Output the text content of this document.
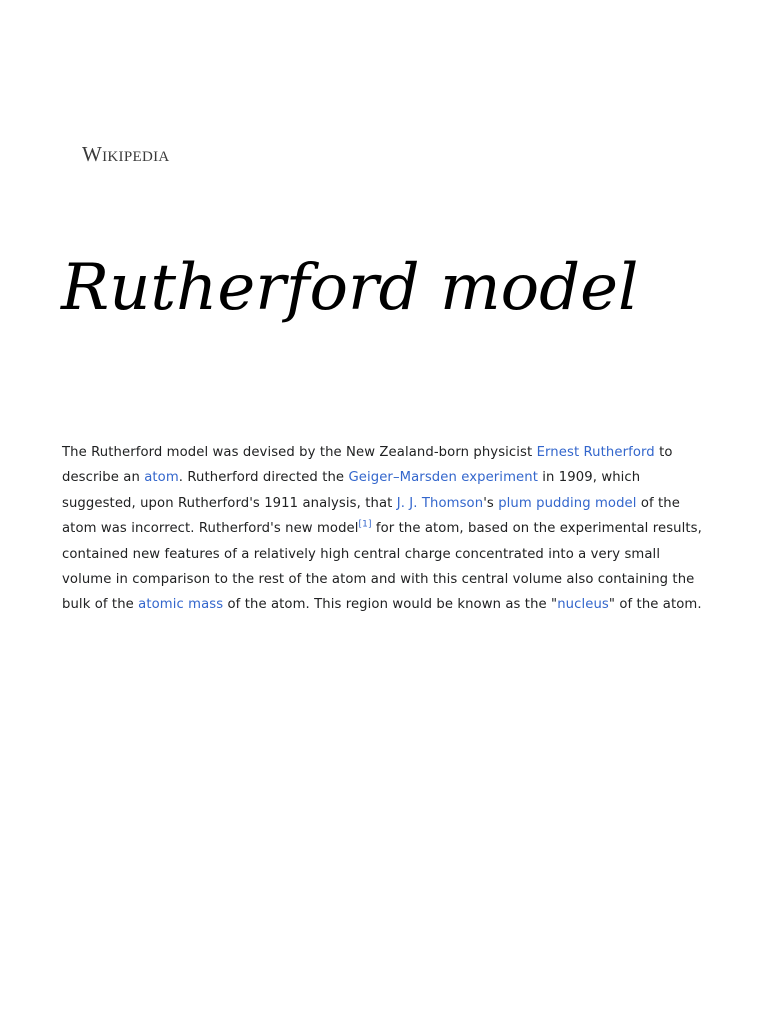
Wikipedia
Rutherford model

The Rutherford model was devised by the New Zealand-born physicist Ernest Rutherford to describe an atom. Rutherford directed the Geiger–Marsden experiment in 1909, which suggested, upon Rutherford's 1911 analysis, that J. J. Thomson's plum pudding model of the atom was incorrect. Rutherford's new model[1] for the atom, based on the experimental results, contained new features of a relatively high central charge concentrated into a very small volume in comparison to the rest of the atom and with this central volume also containing the bulk of the atomic mass of the atom. This region would be known as the "nucleus" of the atom.
